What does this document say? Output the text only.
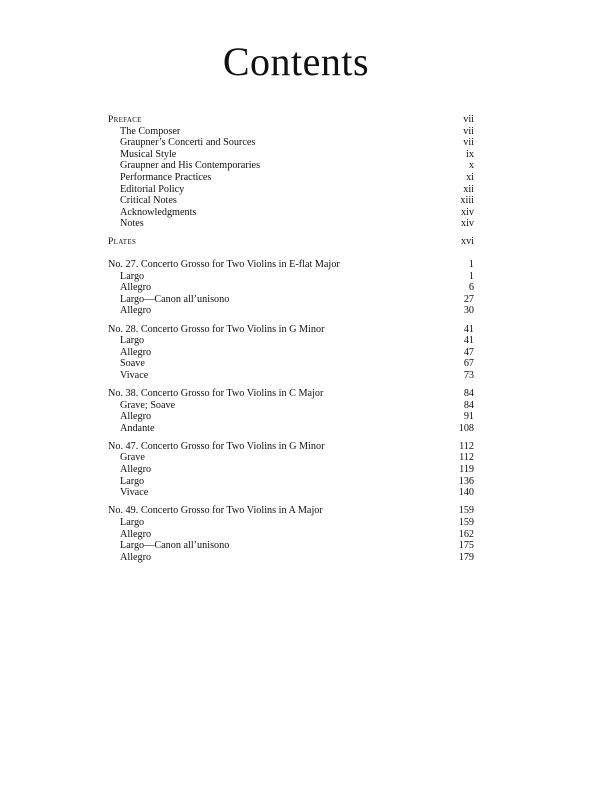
Contents
Preface	vii
The Composer	vii
Graupner’s Concerti and Sources	vii
Musical Style	ix
Graupner and His Contemporaries	x
Performance Practices	xi
Editorial Policy	xii
Critical Notes	xiii
Acknowledgments	xiv
Notes	xiv
Plates	xvi
No. 27. Concerto Grosso for Two Violins in E-flat Major	1
Largo	1
Allegro	6
Largo—Canon all’unisono	27
Allegro	30
No. 28. Concerto Grosso for Two Violins in G Minor	41
Largo	41
Allegro	47
Soave	67
Vivace	73
No. 38. Concerto Grosso for Two Violins in C Major	84
Grave; Soave	84
Allegro	91
Andante	108
No. 47. Concerto Grosso for Two Violins in G Minor	112
Grave	112
Allegro	119
Largo	136
Vivace	140
No. 49. Concerto Grosso for Two Violins in A Major	159
Largo	159
Allegro	162
Largo—Canon all’unisono	175
Allegro	179
